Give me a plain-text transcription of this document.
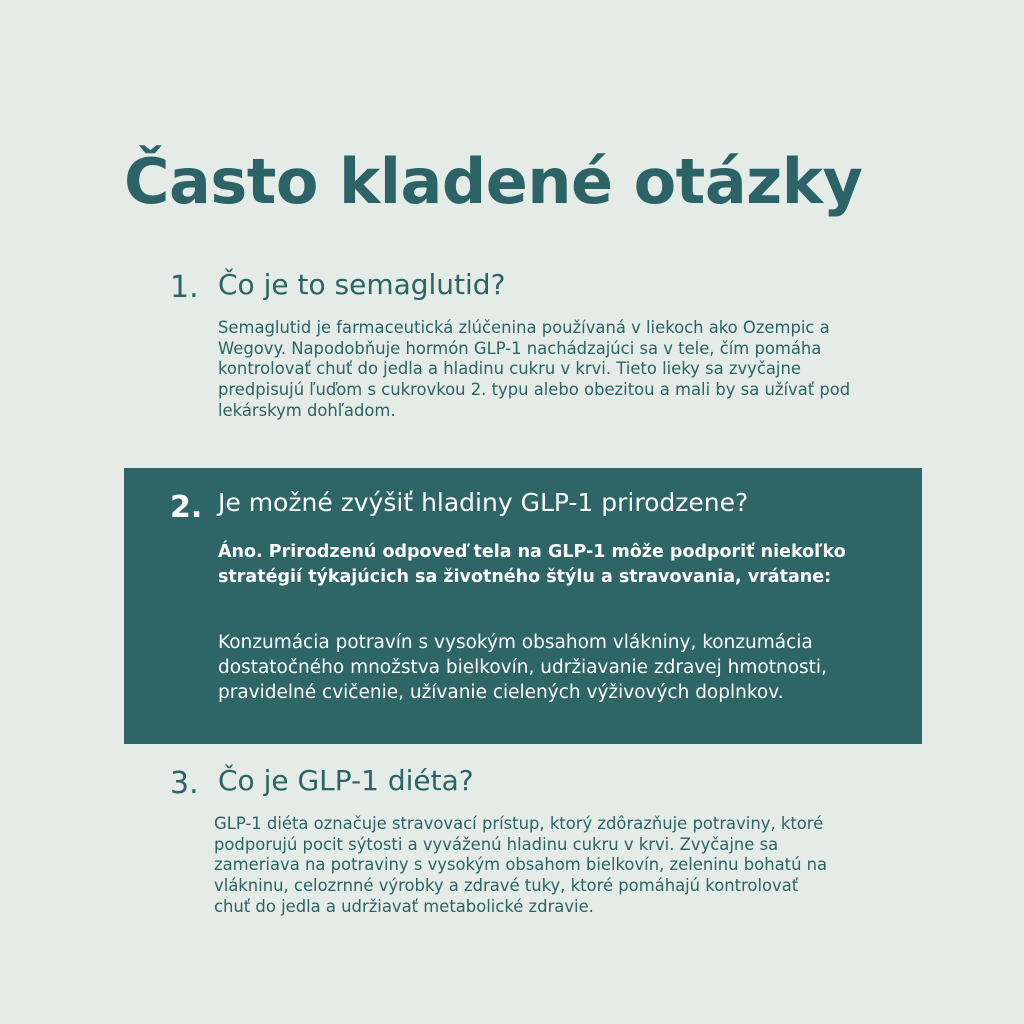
Často kladené otázky
1. Čo je to semaglutid?

Semaglutid je farmaceutická zlúčenina používaná v liekoch ako Ozempic a Wegovy. Napodobňuje hormón GLP-1 nachádzajúci sa v tele, čím pomáha kontrolovať chuť do jedla a hladinu cukru v krvi. Tieto lieky sa zvyčajne predpisujú ľuďom s cukrovkou 2. typu alebo obezitou a mali by sa užívať pod lekárskym dohľadom.

2. Je možné zvýšiť hladiny GLP-1 prirodzene?

Áno. Prirodzenú odpoveď tela na GLP-1 môže podporiť niekoľko stratégií týkajúcich sa životného štýlu a stravovania, vrátane:

Konzumácia potravín s vysokým obsahom vlákniny, konzumácia dostatočného množstva bielkovín, udržiavanie zdravej hmotnosti, pravidelné cvičenie, užívanie cielených výživových doplnkov.

3. Čo je GLP-1 diéta?

GLP-1 diéta označuje stravovací prístup, ktorý zdôrazňuje potraviny, ktoré podporujú pocit sýtosti a vyváženú hladinu cukru v krvi. Zvyčajne sa zameriava na potraviny s vysokým obsahom bielkovín, zeleninu bohatú na vlákninu, celozrnné výrobky a zdravé tuky, ktoré pomáhajú kontrolovať chuť do jedla a udržiavať metabolické zdravie.
